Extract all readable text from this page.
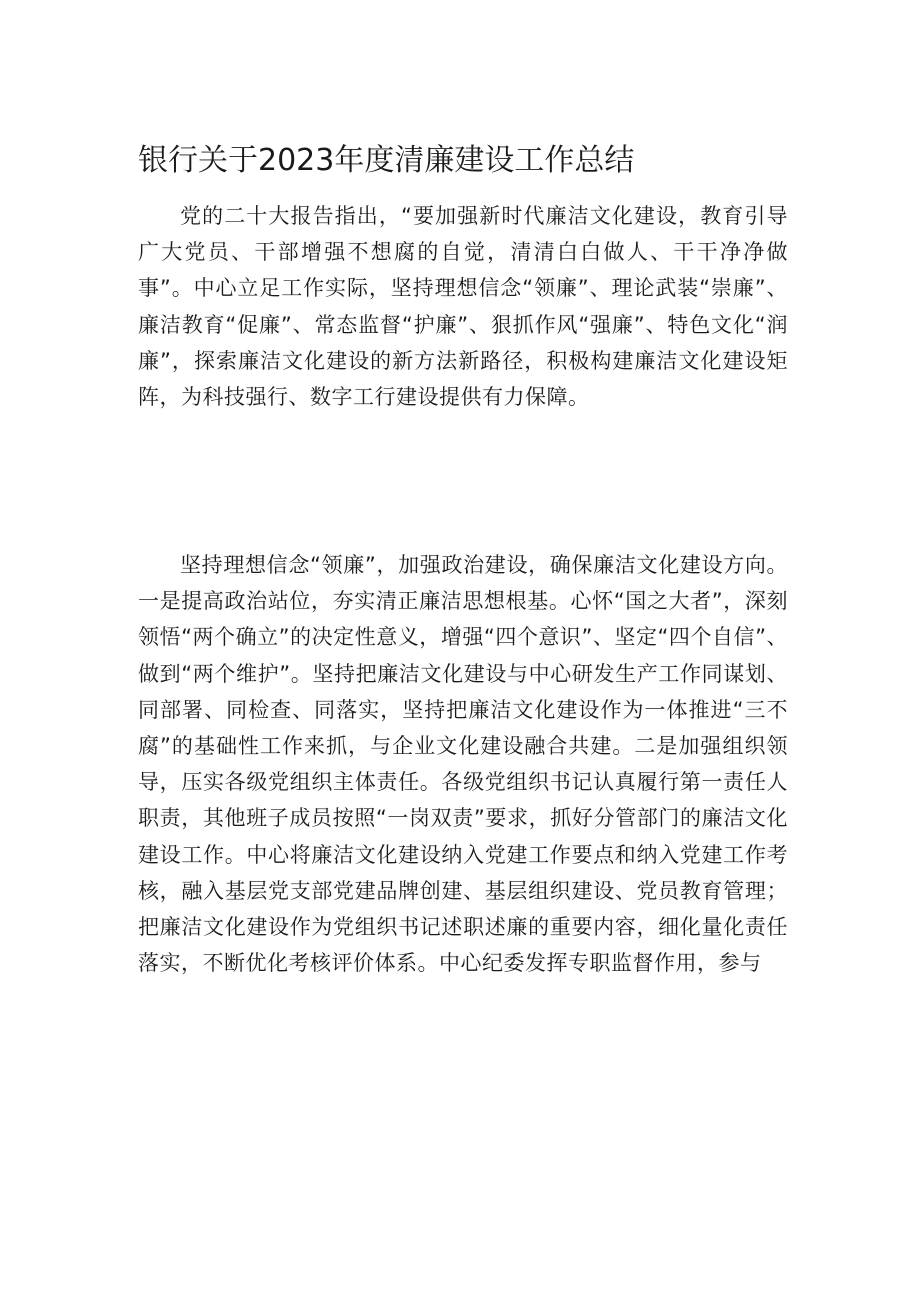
银行关于2023年度清廉建设工作总结

党的二十大报告指出，“要加强新时代廉洁文化建设，教育引导广大党员、干部增强不想腐的自觉，清清白白做人、干干净净做事”。中心立足工作实际，坚持理想信念“领廉”、理论武装“崇廉”、廉洁教育“促廉”、常态监督“护廉”、狠抓作风“强廉”、特色文化“润廉”，探索廉洁文化建设的新方法新路径，积极构建廉洁文化建设矩阵，为科技强行、数字工行建设提供有力保障。

坚持理想信念“领廉”，加强政治建设，确保廉洁文化建设方向。一是提高政治站位，夯实清正廉洁思想根基。心怀“国之大者”，深刻领悟“两个确立”的决定性意义，增强“四个意识”、坚定“四个自信”、做到“两个维护”。坚持把廉洁文化建设与中心研发生产工作同谋划、同部署、同检查、同落实，坚持把廉洁文化建设作为一体推进“三不腐”的基础性工作来抓，与企业文化建设融合共建。二是加强组织领导，压实各级党组织主体责任。各级党组织书记认真履行第一责任人职责，其他班子成员按照“一岗双责”要求，抓好分管部门的廉洁文化建设工作。中心将廉洁文化建设纳入党建工作要点和纳入党建工作考核，融入基层党支部党建品牌创建、基层组织建设、党员教育管理；把廉洁文化建设作为党组织书记述职述廉的重要内容，细化量化责任落实，不断优化考核评价体系。中心纪委发挥专职监督作用，参与
